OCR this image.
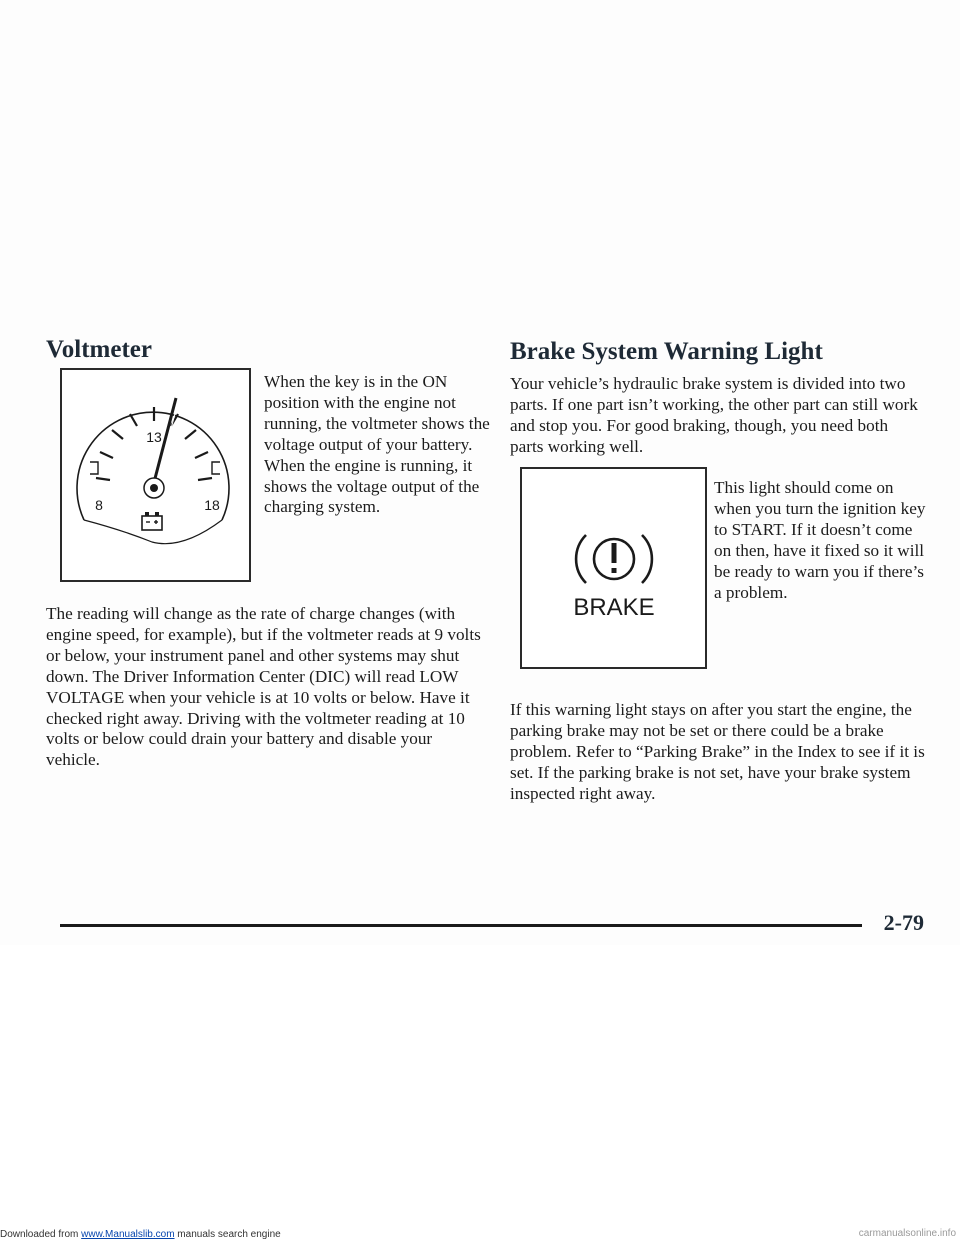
Voltmeter
8
13
18

When the key is in the ON position with the engine not running, the voltmeter shows the voltage output of your battery. When the engine is running, it shows the voltage output of the charging system.

The reading will change as the rate of charge changes (with engine speed, for example), but if the voltmeter reads at 9 volts or below, your instrument panel and other systems may shut down. The Driver Information Center (DIC) will read LOW VOLTAGE when your vehicle is at 10 volts or below. Have it checked right away. Driving with the voltmeter reading at 10 volts or below could drain your battery and disable your vehicle.

Brake System Warning Light

Your vehicle’s hydraulic brake system is divided into two parts. If one part isn’t working, the other part can still work and stop you. For good braking, though, you need both parts working well.

BRAKE

This light should come on when you turn the ignition key to START. If it doesn’t come on then, have it fixed so it will be ready to warn you if there’s a problem.

If this warning light stays on after you start the engine, the parking brake may not be set or there could be a brake problem. Refer to “Parking Brake” in the Index to see if it is set. If the parking brake is not set, have your brake system inspected right away.

2-79

Downloaded from www.Manualslib.com manuals search engine	carmanualsonline.info
